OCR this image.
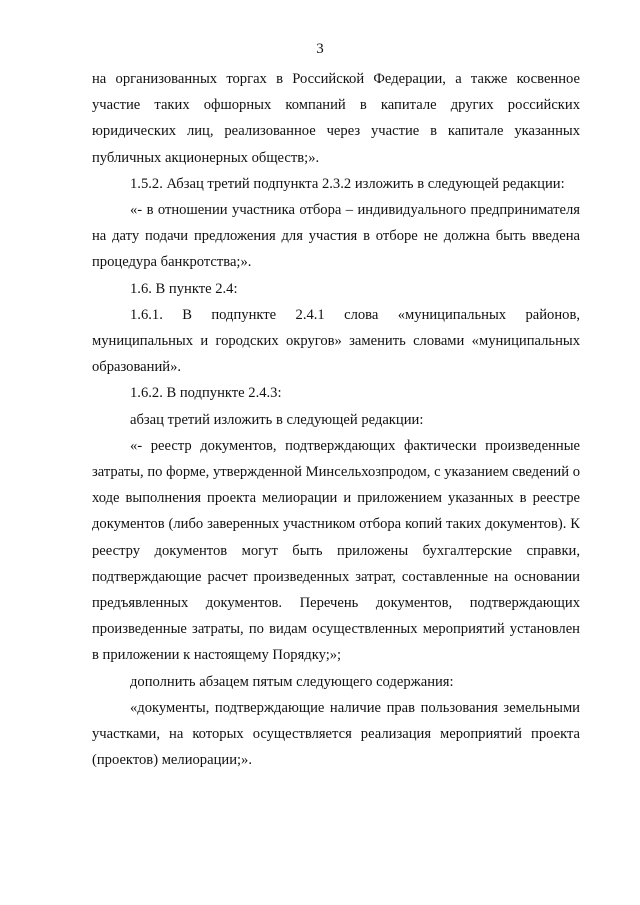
3

на организованных торгах в Российской Федерации, а также косвенное участие таких офшорных компаний в капитале других российских юридических лиц, реализованное через участие в капитале указанных публичных акционерных обществ;».

1.5.2. Абзац третий подпункта 2.3.2 изложить в следующей редакции:

«- в отношении участника отбора – индивидуального предпринимателя на дату подачи предложения для участия в отборе не должна быть введена процедура банкротства;».

1.6. В пункте 2.4:

1.6.1. В подпункте 2.4.1 слова «муниципальных районов, муниципальных и городских округов» заменить словами «муниципальных образований».

1.6.2. В подпункте 2.4.3:

абзац третий изложить в следующей редакции:

«- реестр документов, подтверждающих фактически произведенные затраты, по форме, утвержденной Минсельхозпродом, с указанием сведений о ходе выполнения проекта мелиорации и приложением указанных в реестре документов (либо заверенных участником отбора копий таких документов). К реестру документов могут быть приложены бухгалтерские справки, подтверждающие расчет произведенных затрат, составленные на основании предъявленных документов. Перечень документов, подтверждающих произведенные затраты, по видам осуществленных мероприятий установлен в приложении к настоящему Порядку;»;

дополнить абзацем пятым следующего содержания:

«документы, подтверждающие наличие прав пользования земельными участками, на которых осуществляется реализация мероприятий проекта (проектов) мелиорации;».
